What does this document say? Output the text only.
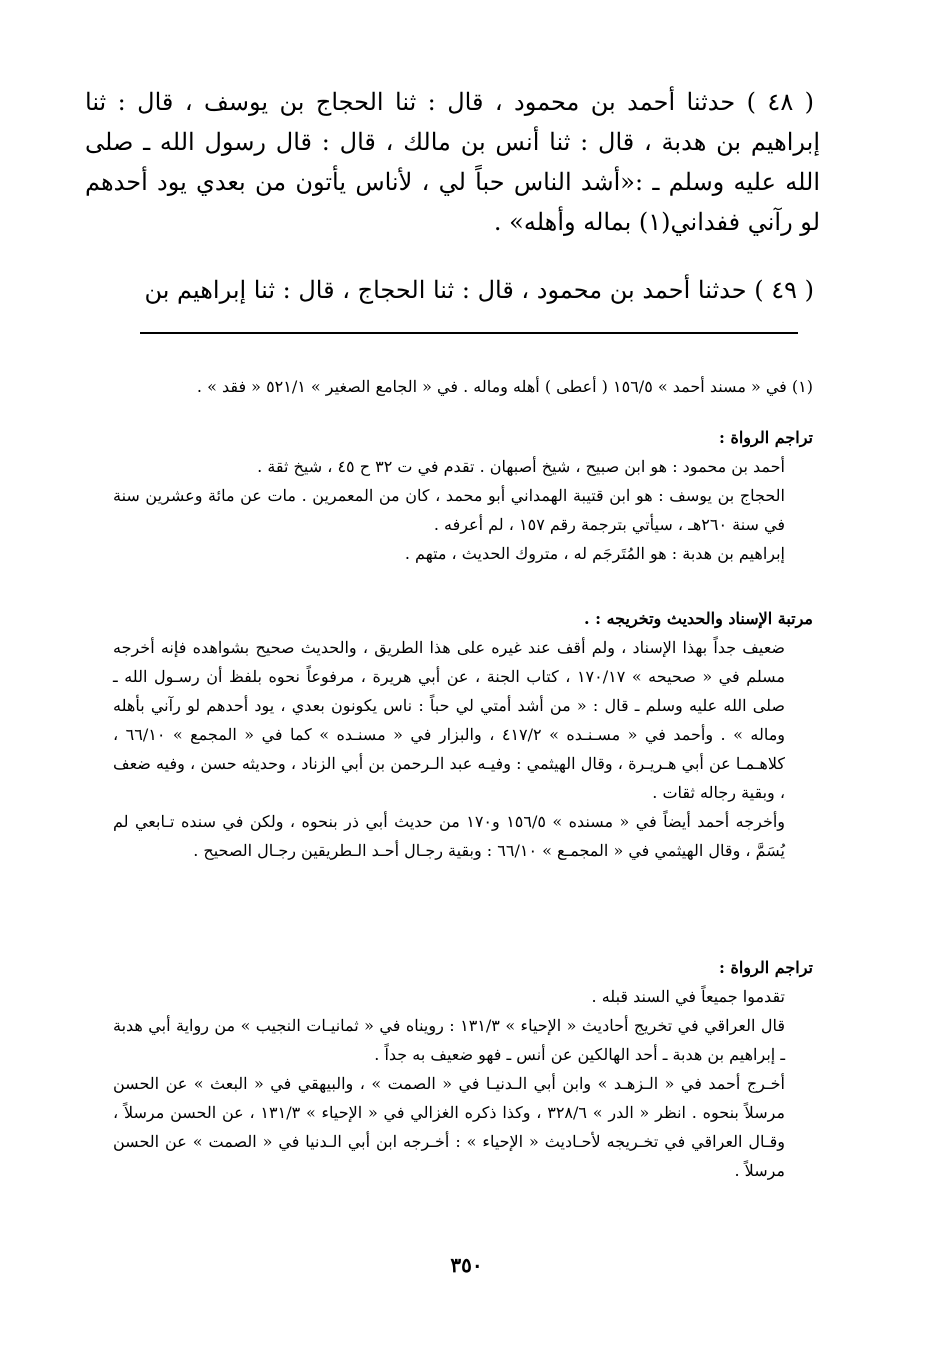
( ٤٨ ) حدثنا أحمد بن محمود ، قال : ثنا الحجاج بن يوسف ، قال : ثنا إبراهيم بن هدبة ، قال : ثنا أنس بن مالك ، قال : قال رسول الله ـ صلى الله عليه وسلم ـ :«أشد الناس حباً لي ، لأناس يأتون من بعدي يود أحدهم لو رآني ففداني(١) بماله وأهله» .

( ٤٩ ) حدثنا أحمد بن محمود ، قال : ثنا الحجاج ، قال : ثنا إبراهيم بن

(١) في « مسند أحمد » ١٥٦/٥ ( أعطى ) أهله وماله . في « الجامع الصغير » ٥٢١/١ « فقد » .

تراجم الرواة :

أحمد بن محمود : هو ابن صبيح ، شيخ أصبهان . تقدم في ت ٣٢ ح ٤٥ ، شيخ ثقة .

الحجاج بن يوسف : هو ابن قتيبة الهمداني أبو محمد ، كان من المعمرين . مات عن مائة وعشرين سنة في سنة ٢٦٠هـ ، سيأتي بترجمة رقم ١٥٧ ، لم أعرفه .

إبراهيم بن هدبة : هو المُتَرجَم له ، متروك الحديث ، متهم .

مرتبة الإسناد والحديث وتخريجه : .

ضعيف جداً بهذا الإسناد ، ولم أقف عند غيره على هذا الطريق ، والحديث صحيح بشواهده فإنه أخرجه مسلم في « صحيحه » ١٧٠/١٧ ، كتاب الجنة ، عن أبي هريرة ، مرفوعاً نحوه بلفظ أن رسـول الله ـ صلى الله عليه وسلم ـ قال : « من أشد أمتي لي حباً : ناس يكونون بعدي ، يود أحدهم لو رآني بأهله وماله » . وأحمد في « مسـنـده » ٤١٧/٢ ، والبزار في « مسنـده » كما في « المجمع » ٦٦/١٠ ، كلاهـمـا عن أبي هـريـرة ، وقال الهيثمي : وفيـه عبد الـرحمن بن أبي الزناد ، وحديثه حسن ، وفيه ضعف ، وبقية رجاله ثقات .

وأخرجه أحمد أيضاً في « مسنده » ١٥٦/٥ و١٧٠ من حديث أبي ذر بنحوه ، ولكن في سنده تـابعي لم يُسَمَّ ، وقال الهيثمي في « المجمـع » ٦٦/١٠ : وبقية رجـال أحـد الـطريقين رجـال الصحيح .

تراجم الرواة :

تقدموا جميعاً في السند قبله .

قال العراقي في تخريج أحاديث « الإحياء » ١٣١/٣ : رويناه في « ثمانيـات النجيب » من رواية أبي هدبة ـ إبراهيم بن هدبة ـ أحد الهالكين عن أنس ـ فهو ضعيف به جداً .

أخـرج أحمد في « الـزهـد » وابن أبي الـدنيـا في « الصمت » ، والبيهقي في « البعث » عن الحسن مرسلاً بنحوه . انظر « الدر » ٣٢٨/٦ ، وكذا ذكره الغزالي في « الإحياء » ١٣١/٣ ، عن الحسن مرسلاً ، وقـال العراقي في تخـريجه لأحـاديث « الإحياء » : أخـرجه ابن أبي الـدنيا في « الصمت » عن الحسن مرسلاً .

٣٥٠
